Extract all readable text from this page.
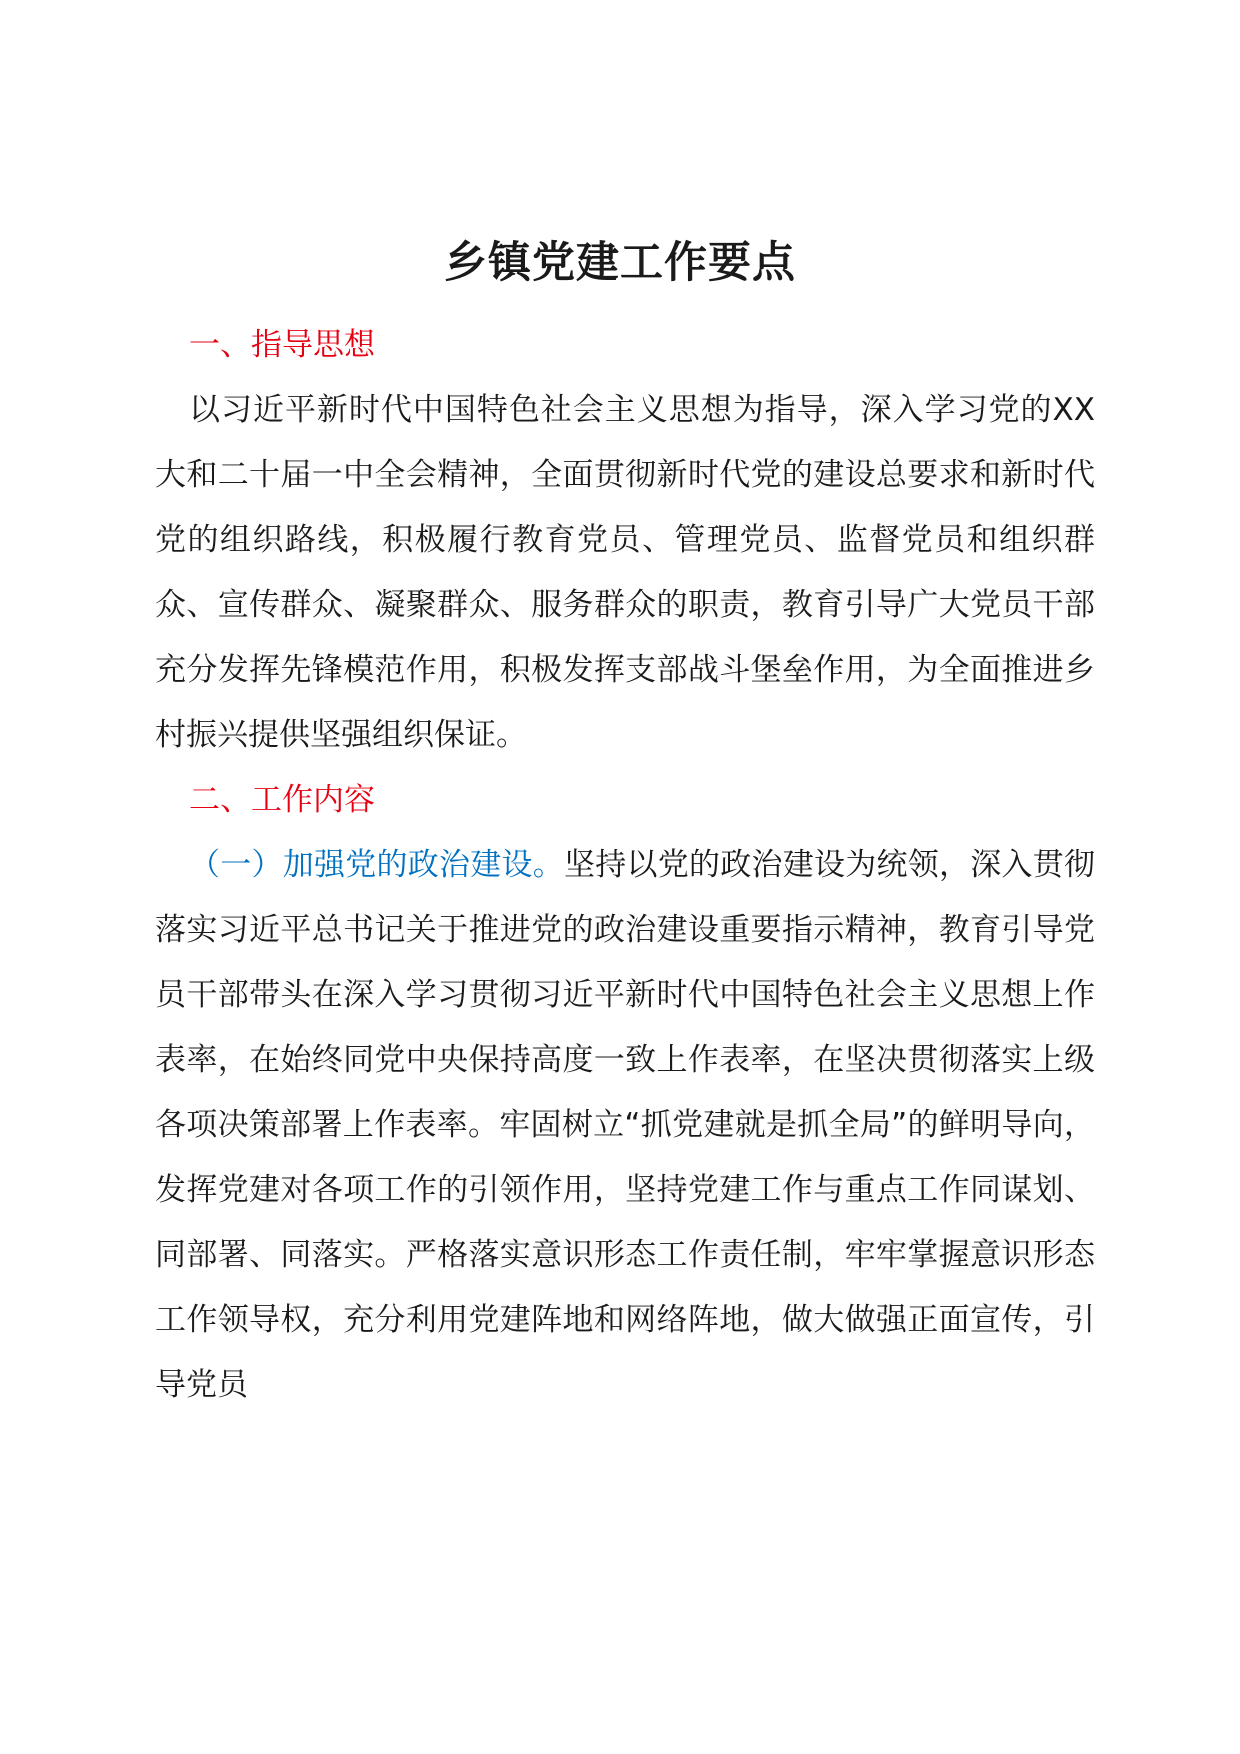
乡镇党建工作要点
一、指导思想

以习近平新时代中国特色社会主义思想为指导，深入学习党的XX大和二十届一中全会精神，全面贯彻新时代党的建设总要求和新时代党的组织路线，积极履行教育党员、管理党员、监督党员和组织群众、宣传群众、凝聚群众、服务群众的职责，教育引导广大党员干部充分发挥先锋模范作用，积极发挥支部战斗堡垒作用，为全面推进乡村振兴提供坚强组织保证。

二、工作内容

（一）加强党的政治建设。坚持以党的政治建设为统领，深入贯彻落实习近平总书记关于推进党的政治建设重要指示精神，教育引导党员干部带头在深入学习贯彻习近平新时代中国特色社会主义思想上作表率，在始终同党中央保持高度一致上作表率，在坚决贯彻落实上级各项决策部署上作表率。牢固树立“抓党建就是抓全局”的鲜明导向，发挥党建对各项工作的引领作用，坚持党建工作与重点工作同谋划、同部署、同落实。严格落实意识形态工作责任制，牢牢掌握意识形态工作领导权，充分利用党建阵地和网络阵地，做大做强正面宣传，引导党员
